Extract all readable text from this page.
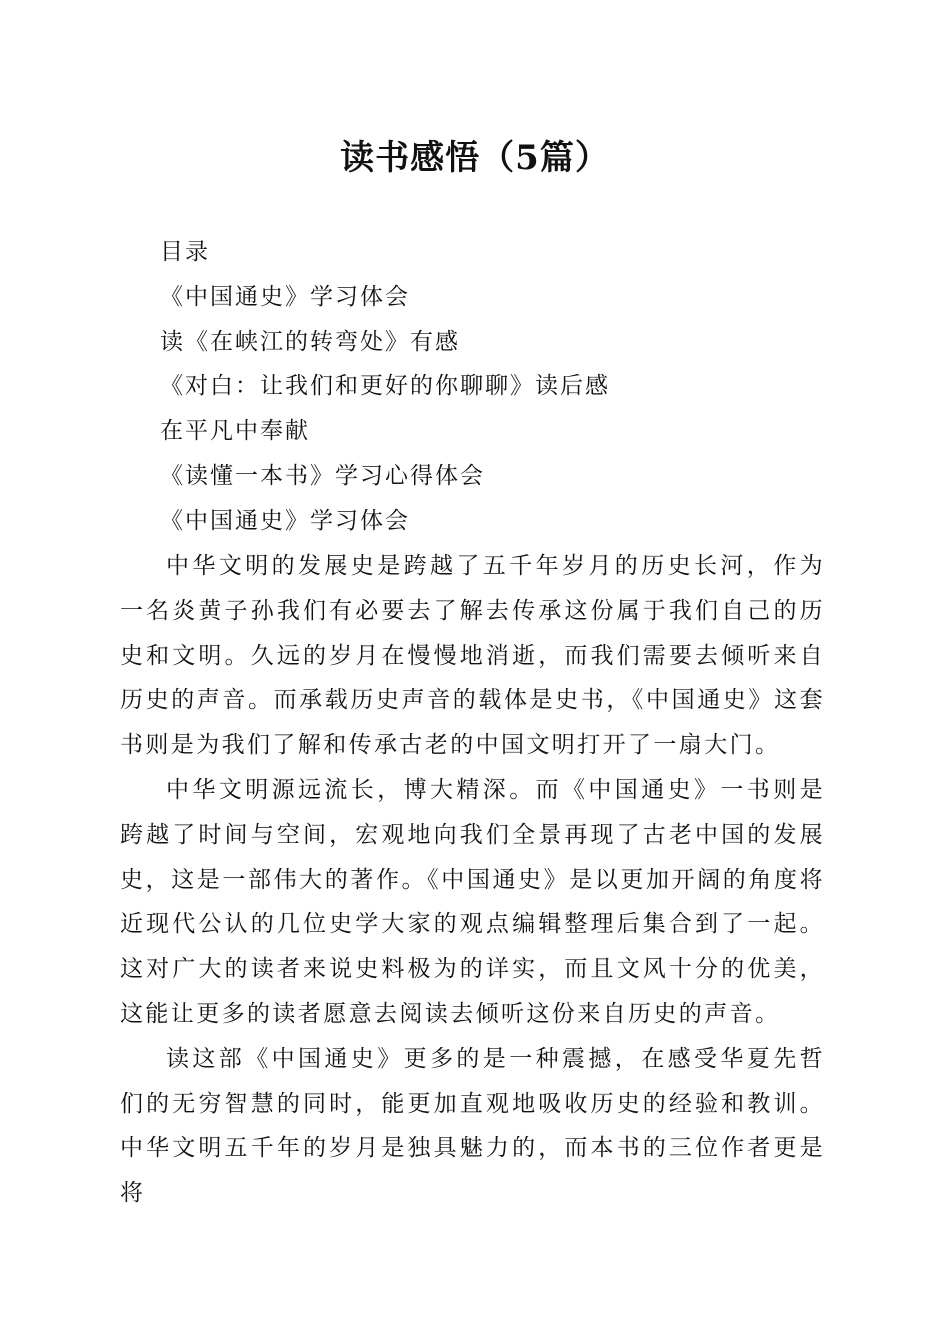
读书感悟（5篇）
目录
《中国通史》学习体会
读《在峡江的转弯处》有感
《对白：让我们和更好的你聊聊》读后感
在平凡中奉献
《读懂一本书》学习心得体会
《中国通史》学习体会

中华文明的发展史是跨越了五千年岁月的历史长河，作为一名炎黄子孙我们有必要去了解去传承这份属于我们自己的历史和文明。久远的岁月在慢慢地消逝，而我们需要去倾听来自历史的声音。而承载历史声音的载体是史书，《中国通史》这套书则是为我们了解和传承古老的中国文明打开了一扇大门。

中华文明源远流长，博大精深。而《中国通史》一书则是跨越了时间与空间，宏观地向我们全景再现了古老中国的发展史，这是一部伟大的著作。《中国通史》是以更加开阔的角度将近现代公认的几位史学大家的观点编辑整理后集合到了一起。这对广大的读者来说史料极为的详实，而且文风十分的优美，这能让更多的读者愿意去阅读去倾听这份来自历史的声音。

读这部《中国通史》更多的是一种震撼，在感受华夏先哲们的无穷智慧的同时，能更加直观地吸收历史的经验和教训。中华文明五千年的岁月是独具魅力的，而本书的三位作者更是将
